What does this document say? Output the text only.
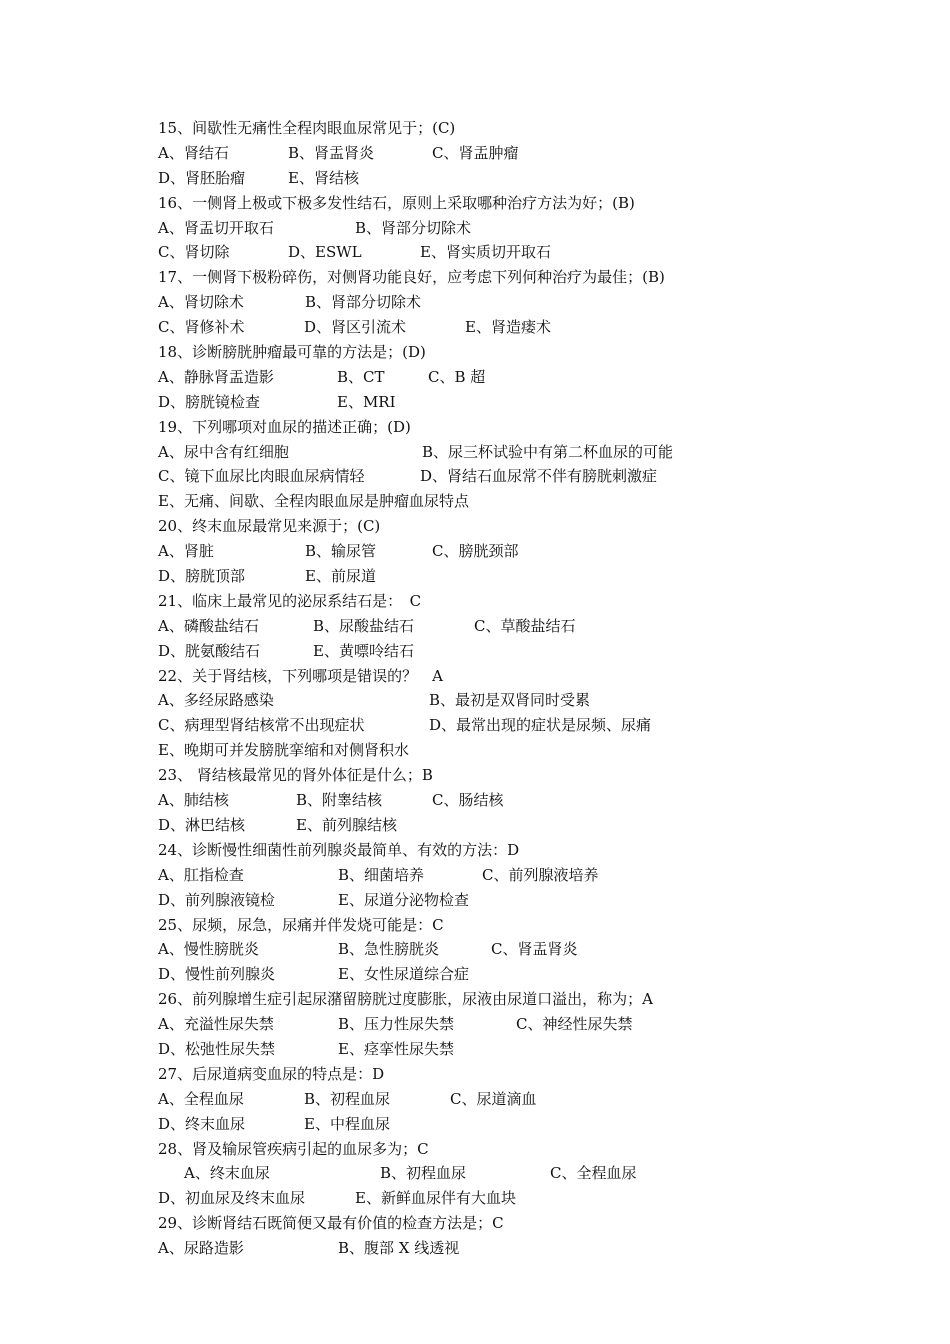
15、间歇性无痛性全程肉眼血尿常见于；(C)
A、肾结石	B、肾盂肾炎	C、肾盂肿瘤
D、肾胚胎瘤	E、肾结核
16、一侧肾上极或下极多发性结石，原则上采取哪种治疗方法为好；(B)
A、肾盂切开取石	B、肾部分切除术
C、肾切除	D、ESWL	E、肾实质切开取石
17、一侧肾下极粉碎伤，对侧肾功能良好，应考虑下列何种治疗为最佳；(B)
A、肾切除术	B、肾部分切除术
C、肾修补术	D、肾区引流术	E、肾造瘘术
18、诊断膀胱肿瘤最可靠的方法是；(D)
A、静脉肾盂造影	B、CT	C、B 超
D、膀胱镜检查	E、MRI
19、下列哪项对血尿的描述正确；(D)
A、尿中含有红细胞	B、尿三杯试验中有第二杯血尿的可能
C、镜下血尿比肉眼血尿病情轻	D、肾结石血尿常不伴有膀胱刺激症
E、无痛、间歇、全程肉眼血尿是肿瘤血尿特点
20、终末血尿最常见来源于；(C)
A、肾脏	B、输尿管	C、膀胱颈部
D、膀胱顶部	E、前尿道
21、临床上最常见的泌尿系结石是：　C
A、磷酸盐结石	B、尿酸盐结石	C、草酸盐结石
D、胱氨酸结石	E、黄嘌呤结石
22、关于肾结核，下列哪项是错误的？　A
A、多经尿路感染	B、最初是双肾同时受累
C、病理型肾结核常不出现症状	D、最常出现的症状是尿频、尿痛
E、晚期可并发膀胱挛缩和对侧肾积水
23、 肾结核最常见的肾外体征是什么；B
A、肺结核	B、附睾结核	C、肠结核
D、淋巴结核	E、前列腺结核
24、诊断慢性细菌性前列腺炎最简单、有效的方法：D
A、肛指检查	B、细菌培养	C、前列腺液培养
D、前列腺液镜检	E、尿道分泌物检查
25、尿频，尿急，尿痛并伴发烧可能是：C
A、慢性膀胱炎	B、急性膀胱炎	C、肾盂肾炎
D、慢性前列腺炎	E、女性尿道综合症
26、前列腺增生症引起尿潴留膀胱过度膨胀，尿液由尿道口溢出，称为；A
A、充溢性尿失禁	B、压力性尿失禁	C、神经性尿失禁
D、松弛性尿失禁	E、痉挛性尿失禁
27、后尿道病变血尿的特点是：D
A、全程血尿	B、初程血尿	C、尿道滴血
D、终末血尿	E、中程血尿
28、肾及输尿管疾病引起的血尿多为；C
A、终末血尿	B、初程血尿	C、全程血尿
D、初血尿及终末血尿	E、新鲜血尿伴有大血块
29、诊断肾结石既简便又最有价值的检查方法是；C
A、尿路造影	B、腹部 X 线透视
